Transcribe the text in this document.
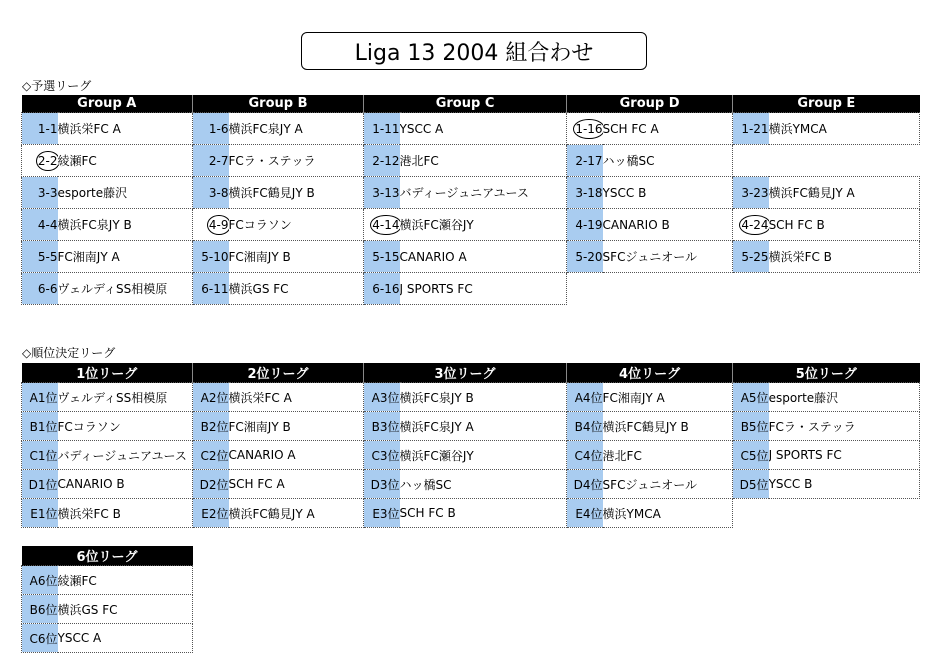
Liga 13 2004 組合わせ
◇予選リーグ
Group A		Group B		Group C		Group D		Group E	
1-1	横浜栄FC A	1-6	横浜FC泉JY A	1-11	YSCC A	1-16	SCH FC A	1-21	横浜YMCA
2-2	綾瀬FC	2-7	FCラ・ステッラ	2-12	港北FC	2-17	ハッ橋SC		
3-3	esporte藤沢	3-8	横浜FC鶴見JY B	3-13	バディージュニアユース	3-18	YSCC B	3-23	横浜FC鶴見JY A
4-4	横浜FC泉JY B	4-9	FCコラソン	4-14	横浜FC瀬谷JY	4-19	CANARIO B	4-24	SCH FC B
5-5	FC湘南JY A	5-10	FC湘南JY B	5-15	CANARIO A	5-20	SFCジュニオール	5-25	横浜栄FC B
6-6	ヴェルディSS相模原	6-11	横浜GS FC	6-16	J SPORTS FC				
◇順位決定リーグ
1位リーグ		2位リーグ		3位リーグ		4位リーグ		5位リーグ	
A1位	ヴェルディSS相模原	A2位	横浜栄FC A	A3位	横浜FC泉JY B	A4位	FC湘南JY A	A5位	esporte藤沢
B1位	FCコラソン	B2位	FC湘南JY B	B3位	横浜FC泉JY A	B4位	横浜FC鶴見JY B	B5位	FCラ・ステッラ
C1位	バディージュニアユース	C2位	CANARIO A	C3位	横浜FC瀬谷JY	C4位	港北FC	C5位	J SPORTS FC
D1位	CANARIO B	D2位	SCH FC A	D3位	ハッ橋SC	D4位	SFCジュニオール	D5位	YSCC B
E1位	横浜栄FC B	E2位	横浜FC鶴見JY A	E3位	SCH FC B	E4位	横浜YMCA		
6位リーグ	
A6位	綾瀬FC
B6位	横浜GS FC
C6位	YSCC A
